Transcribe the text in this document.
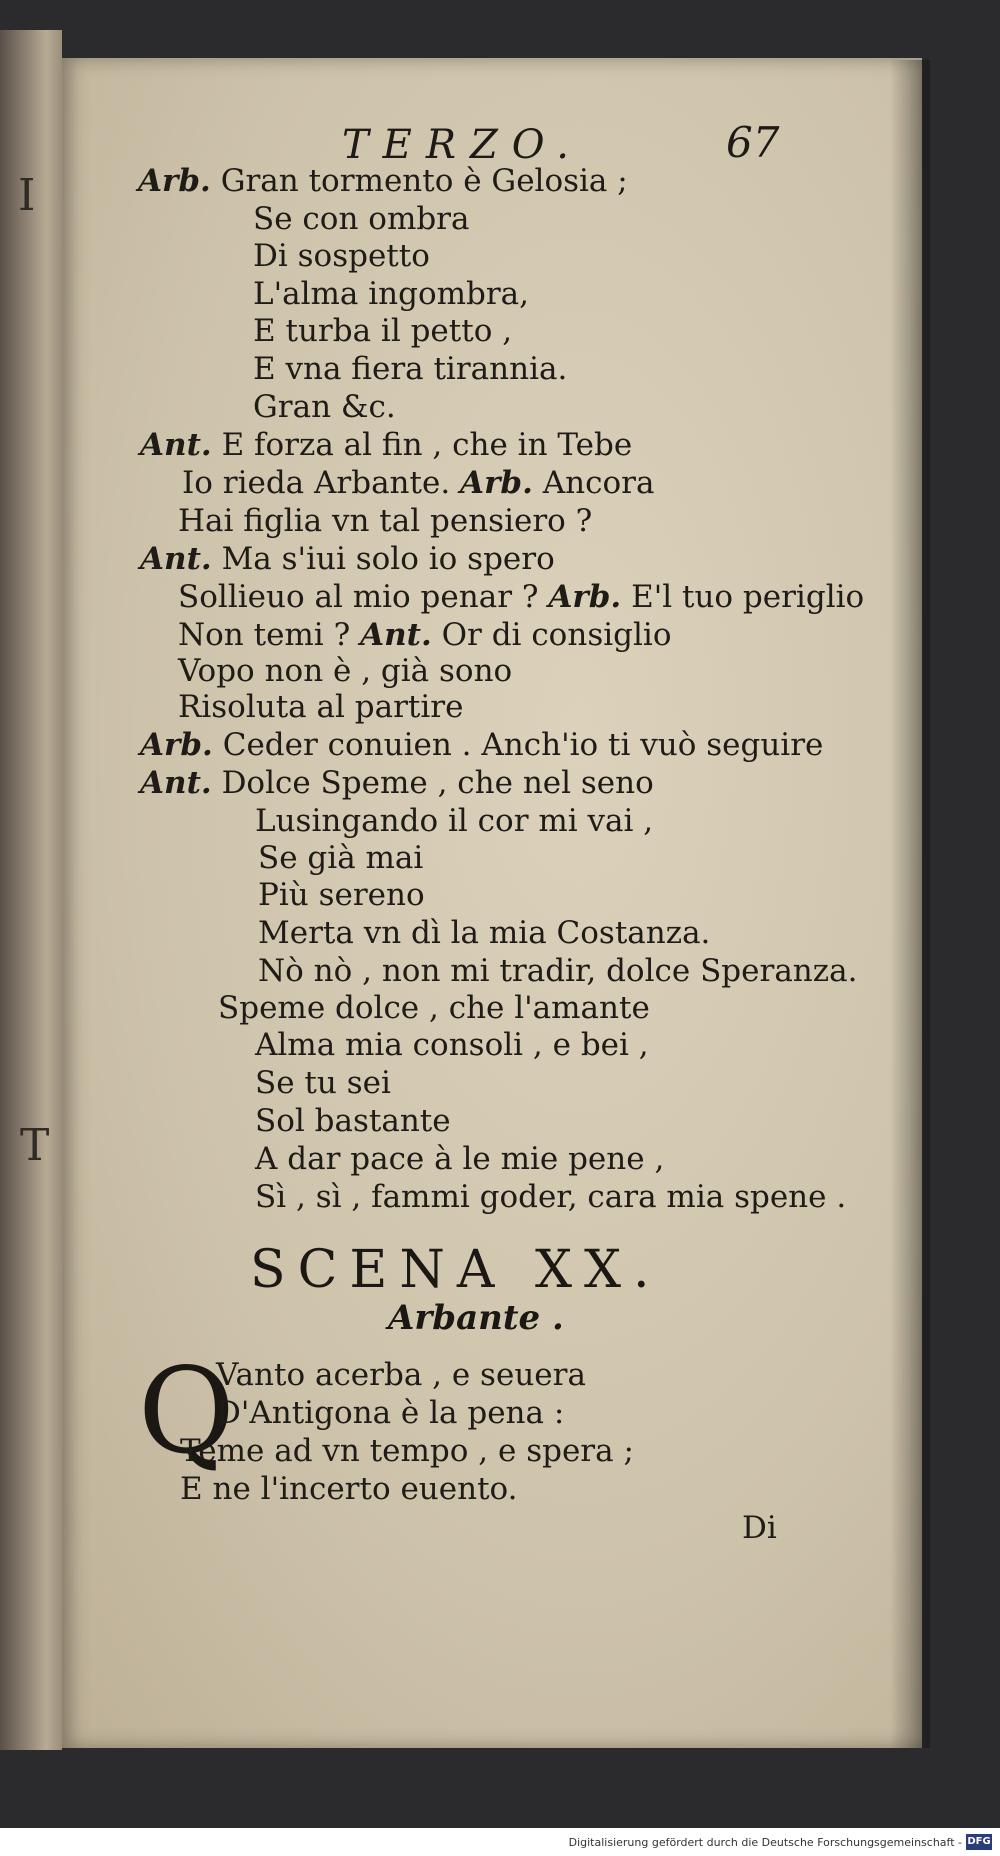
I
T
TERZO.	67
Arb. Gran tormento è Gelosia ;
Se con ombra
Di sospetto
L'alma ingombra,
E turba il petto ,
E vna fiera tirannia.
Gran &c.
Ant. E forza al fin , che in Tebe
Io rieda Arbante. Arb. Ancora
Hai figlia vn tal pensiero ?
Ant. Ma s'iui solo io spero
Sollieuo al mio penar ? Arb. E'l tuo periglio
Non temi ? Ant. Or di consiglio
Vopo non è , già sono
Risoluta al partire
Arb. Ceder conuien . Anch'io ti vuò seguire
Ant. Dolce Speme , che nel seno
Lusingando il cor mi vai ,
Se già mai
Più sereno
Merta vn dì la mia Costanza.
Nò nò , non mi tradir, dolce Speranza.
Speme dolce , che l'amante
Alma mia consoli , e bei ,
Se tu sei
Sol bastante
A dar pace à le mie pene ,
Sì , sì , fammi goder, cara mia spene .
SCENA XX.
Arbante .
Q
Vanto acerba , e seuera
D'Antigona è la pena :
Teme ad vn tempo , e spera ;
E ne l'incerto euento.
Di
Digitalisierung gefördert durch die Deutsche Forschungsgemeinschaft - DFG
